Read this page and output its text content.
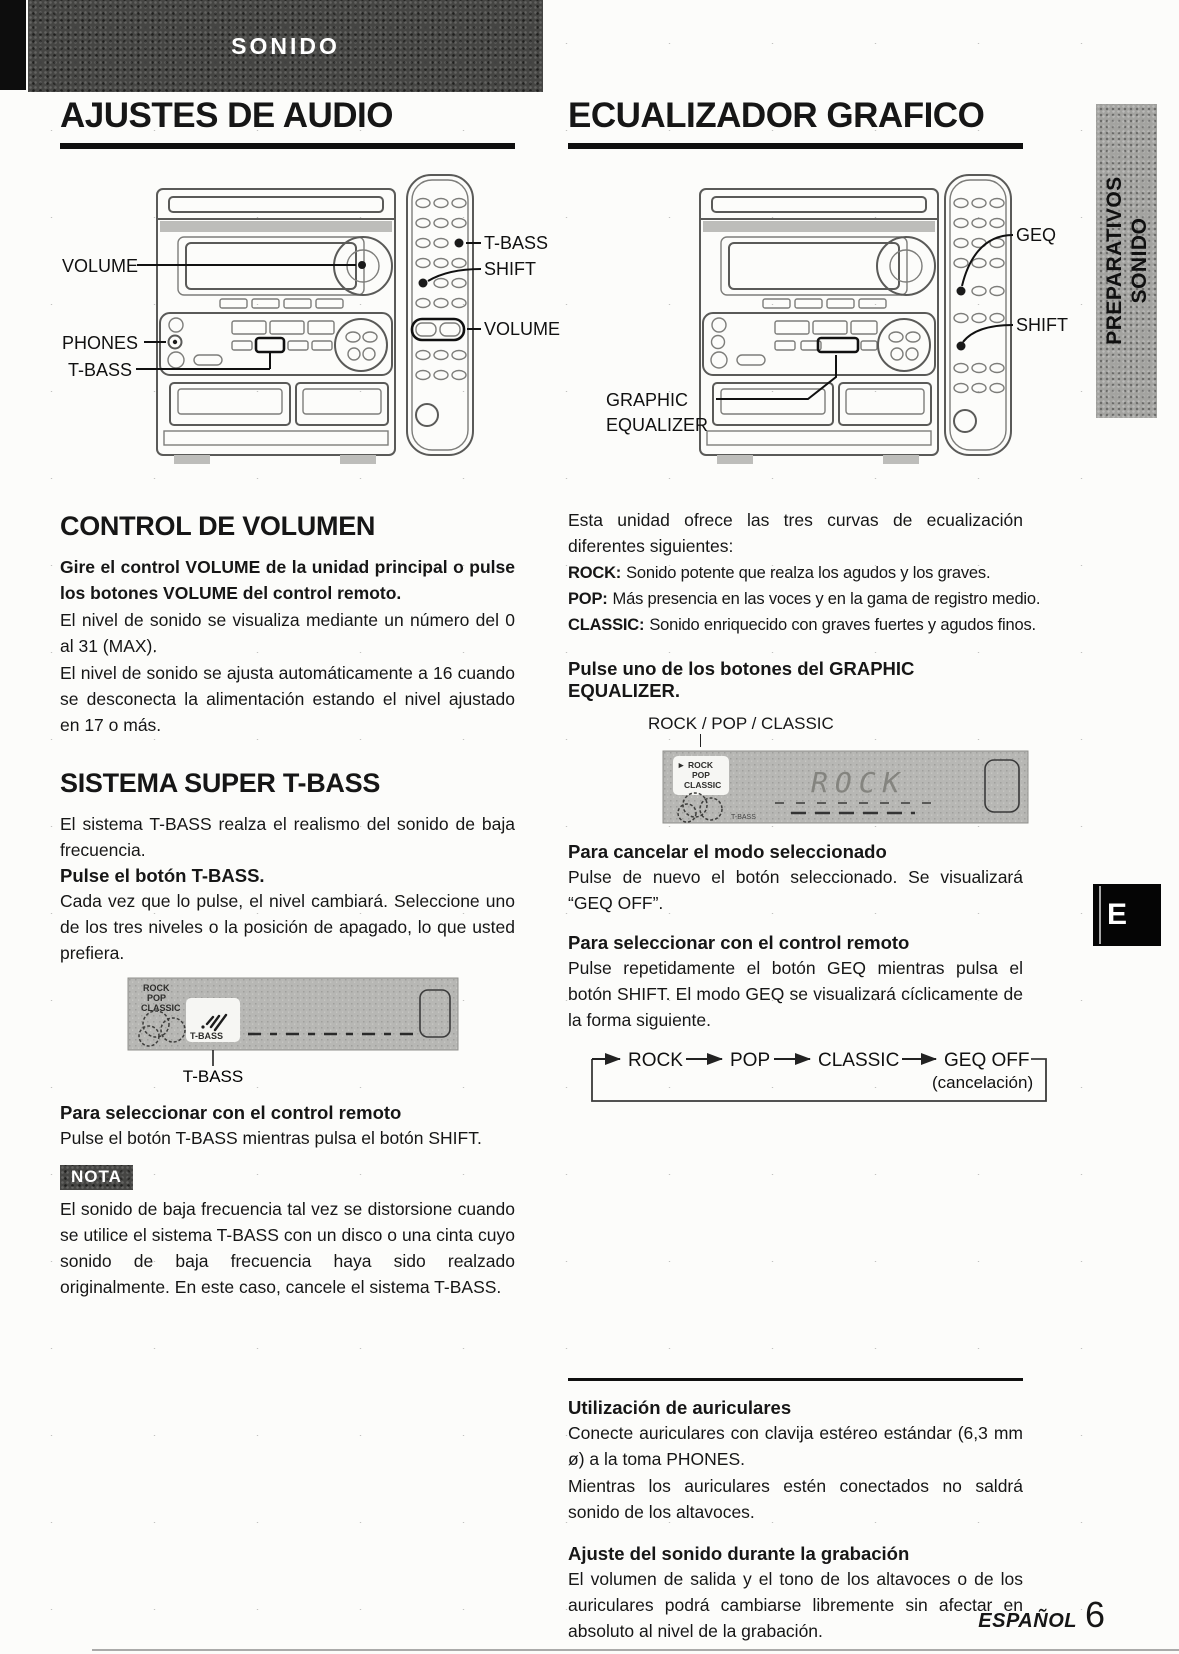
SONIDO
PREPARATIVOS SONIDO
E
AJUSTES DE AUDIO
VOLUME
PHONES
T-BASS
T-BASS
SHIFT
VOLUME
CONTROL DE VOLUMEN

Gire el control VOLUME de la unidad principal o pulse los botones VOLUME del control remoto.

El nivel de sonido se visualiza mediante un número del 0 al 31 (MAX).

El nivel de sonido se ajusta automáticamente a 16 cuando se desconecta la alimentación estando el nivel ajustado en 17 o más.

SISTEMA SUPER T-BASS

El sistema T-BASS realza el realismo del sonido de baja frecuencia.

Pulse el botón T-BASS.

Cada vez que lo pulse, el nivel cambiará. Seleccione uno de los tres niveles o la posición de apagado, lo que usted prefiera.

ROCK
POP
CLASSIC
T-BASS
T-BASS
Para seleccionar con el control remoto

Pulse el botón T-BASS mientras pulsa el botón SHIFT.

NOTA

El sonido de baja frecuencia tal vez se distorsione cuando se utilice el sistema T-BASS con un disco o una cinta cuyo sonido de baja frecuencia haya sido realzado originalmente. En este caso, cancele el sistema T-BASS.

ECUALIZADOR GRAFICO
GEQ
SHIFT
GRAPHIC
EQUALIZER

Esta unidad ofrece las tres curvas de ecualización diferentes siguientes:

ROCK: Sonido potente que realza los agudos y los graves.
POP: Más presencia en las voces y en la gama de registro medio.
CLASSIC: Sonido enriquecido con graves fuertes y agudos finos.
Pulse uno de los botones del GRAPHIC EQUALIZER.
ROCK / POP / CLASSIC
► ROCK
POP
CLASSIC
T-BASS
ROCK
Para cancelar el modo seleccionado

Pulse de nuevo el botón seleccionado. Se visualizará “GEQ OFF”.

Para seleccionar con el control remoto

Pulse repetidamente el botón GEQ mientras pulsa el botón SHIFT. El modo GEQ se visualizará cíclicamente de la forma siguiente.

ROCK POP	CLASSIC GEQ OFF
(cancelación)
Utilización de auriculares

Conecte auriculares con clavija estéreo estándar (6,3 mm ø) a la toma PHONES.

Mientras los auriculares estén conectados no saldrá sonido de los altavoces.

Ajuste del sonido durante la grabación

El volumen de salida y el tono de los altavoces o de los auriculares podrá cambiarse libremente sin afectar en absoluto al nivel de la grabación.	ESPAÑOL 6
